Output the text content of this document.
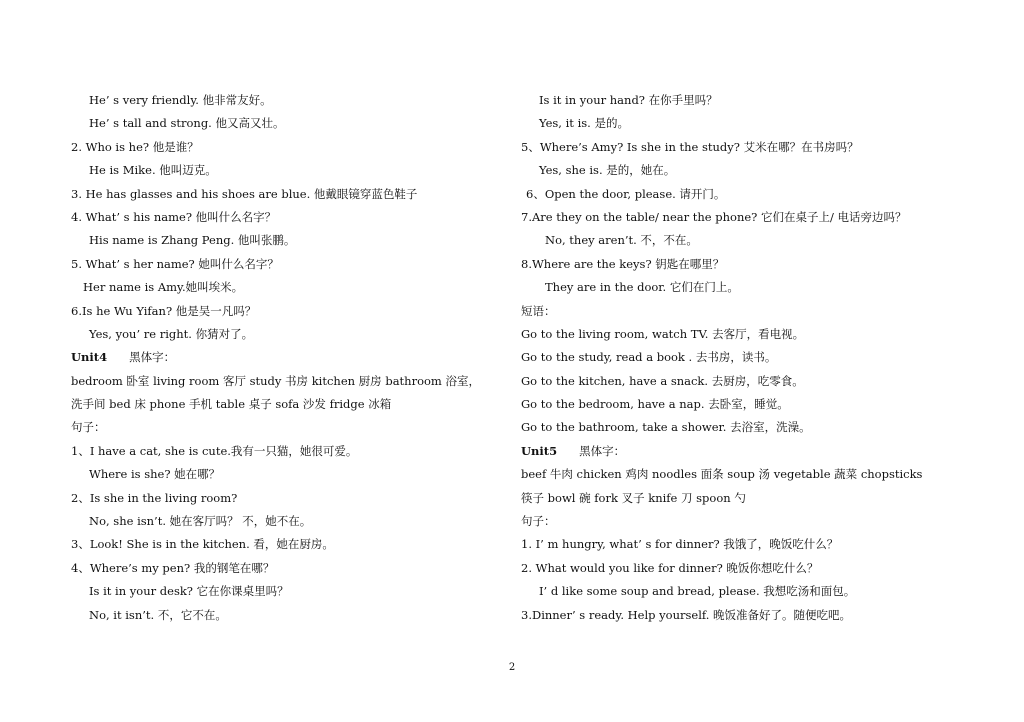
He’ s very friendly. 他非常友好。
He’ s tall and strong. 他又高又壮。
2. Who is he? 他是谁？
He is Mike. 他叫迈克。
3. He has glasses and his shoes are blue. 他戴眼镜穿蓝色鞋子
4. What’ s his name? 他叫什么名字？
His name is Zhang Peng. 他叫张鹏。
5. What’ s her name? 她叫什么名字？
Her name is Amy.她叫埃米。
6.Is he Wu Yifan? 他是吴一凡吗？
Yes, you’ re right. 你猜对了。
Unit4 黑体字：
bedroom 卧室 living room 客厅 study 书房 kitchen 厨房 bathroom 浴室，
洗手间 bed 床 phone 手机 table 桌子 sofa 沙发 fridge 冰箱
句子：
1、I have a cat, she is cute.我有一只猫，她很可爱。
Where is she? 她在哪？
2、Is she in the living room?
No, she isn’t. 她在客厅吗？ 不，她不在。
3、Look! She is in the kitchen. 看，她在厨房。
4、Where’s my pen? 我的钢笔在哪？
Is it in your desk? 它在你课桌里吗？
No, it isn’t. 不，它不在。
Is it in your hand? 在你手里吗？
Yes, it is. 是的。
5、Where’s Amy? Is she in the study? 艾米在哪？在书房吗？
Yes, she is. 是的，她在。
6、Open the door, please. 请开门。
7.Are they on the table/ near the phone? 它们在桌子上/ 电话旁边吗？
No, they aren’t. 不，不在。
8.Where are the keys? 钥匙在哪里？
They are in the door. 它们在门上。
短语：
Go to the living room, watch TV. 去客厅，看电视。
Go to the study, read a book . 去书房，读书。
Go to the kitchen, have a snack. 去厨房，吃零食。
Go to the bedroom, have a nap. 去卧室，睡觉。
Go to the bathroom, take a shower. 去浴室，洗澡。
Unit5 黑体字：
beef 牛肉 chicken 鸡肉 noodles 面条 soup 汤 vegetable 蔬菜 chopsticks
筷子 bowl 碗 fork 叉子 knife 刀 spoon 勺
句子：
1. I’ m hungry, what’ s for dinner? 我饿了，晚饭吃什么？
2. What would you like for dinner? 晚饭你想吃什么？
I’ d like some soup and bread, please. 我想吃汤和面包。
3.Dinner’ s ready. Help yourself. 晚饭准备好了。随便吃吧。
2
